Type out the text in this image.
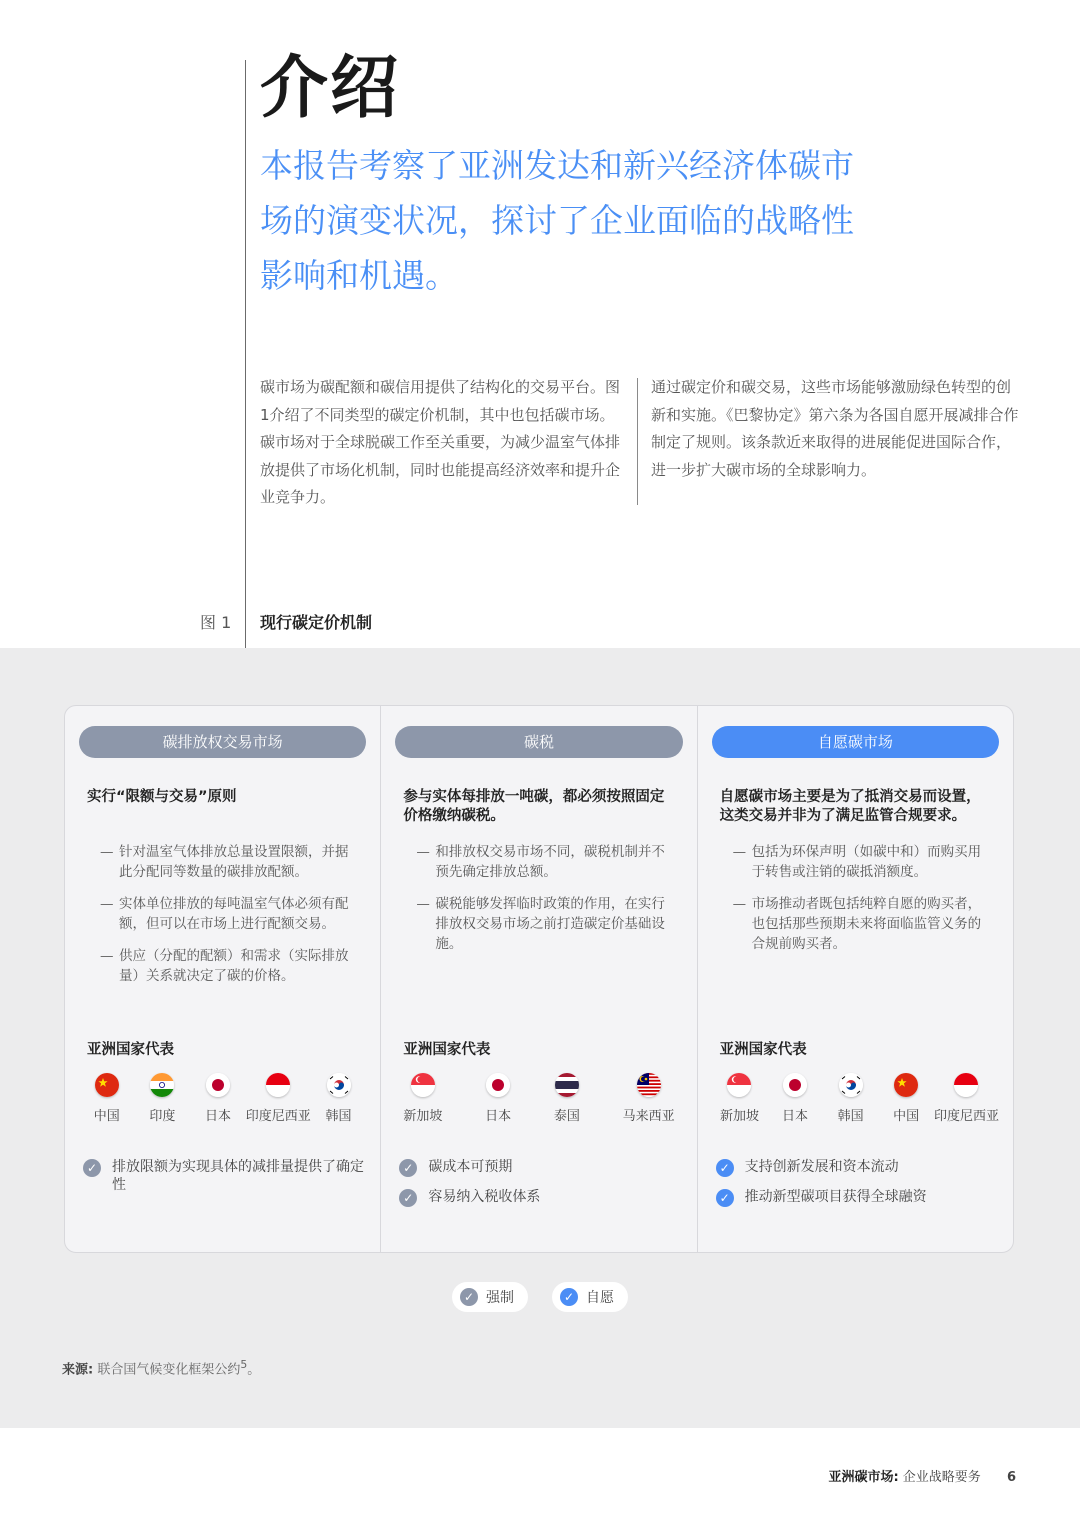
介绍

本报告考察了亚洲发达和新兴经济体碳市场的演变状况，探讨了企业面临的战略性影响和机遇。

碳市场为碳配额和碳信用提供了结构化的交易平台。图1介绍了不同类型的碳定价机制，其中也包括碳市场。碳市场对于全球脱碳工作至关重要，为减少温室气体排放提供了市场化机制，同时也能提高经济效率和提升企业竞争力。

通过碳定价和碳交易，这些市场能够激励绿色转型的创新和实施。《巴黎协定》第六条为各国自愿开展减排合作制定了规则。该条款近来取得的进展能促进国际合作，进一步扩大碳市场的全球影响力。

图 1 现行碳定价机制
碳排放权交易市场
实行“限额与交易”原则
— 针对温室气体排放总量设置限额，并据此分配同等数量的碳排放配额。
— 实体单位排放的每吨温室气体必须有配额，但可以在市场上进行配额交易。
— 供应（分配的配额）和需求（实际排放量）关系就决定了碳的价格。
亚洲国家代表
中国 印度 日本 印度尼西亚 韩国
✓ 排放限额为实现具体的减排量提供了确定性
碳税
参与实体每排放一吨碳，都必须按照固定价格缴纳碳税。
— 和排放权交易市场不同，碳税机制并不预先确定排放总额。
— 碳税能够发挥临时政策的作用，在实行排放权交易市场之前打造碳定价基础设施。
亚洲国家代表
新加坡	日本	泰国	马来西亚
✓ 碳成本可预期
✓ 容易纳入税收体系
自愿碳市场
自愿碳市场主要是为了抵消交易而设置，这类交易并非为了满足监管合规要求。
— 包括为环保声明（如碳中和）而购买用于转售或注销的碳抵消额度。
— 市场推动者既包括纯粹自愿的购买者，也包括那些预期未来将面临监管义务的合规前购买者。
亚洲国家代表
新加坡 日本 韩国 中国 印度尼西亚
✓ 支持创新发展和资本流动
✓ 推动新型碳项目获得全球融资
✓ 强制	✓ 自愿
来源: 联合国气候变化框架公约$^5$。
亚洲碳市场: 企业战略要务 6
